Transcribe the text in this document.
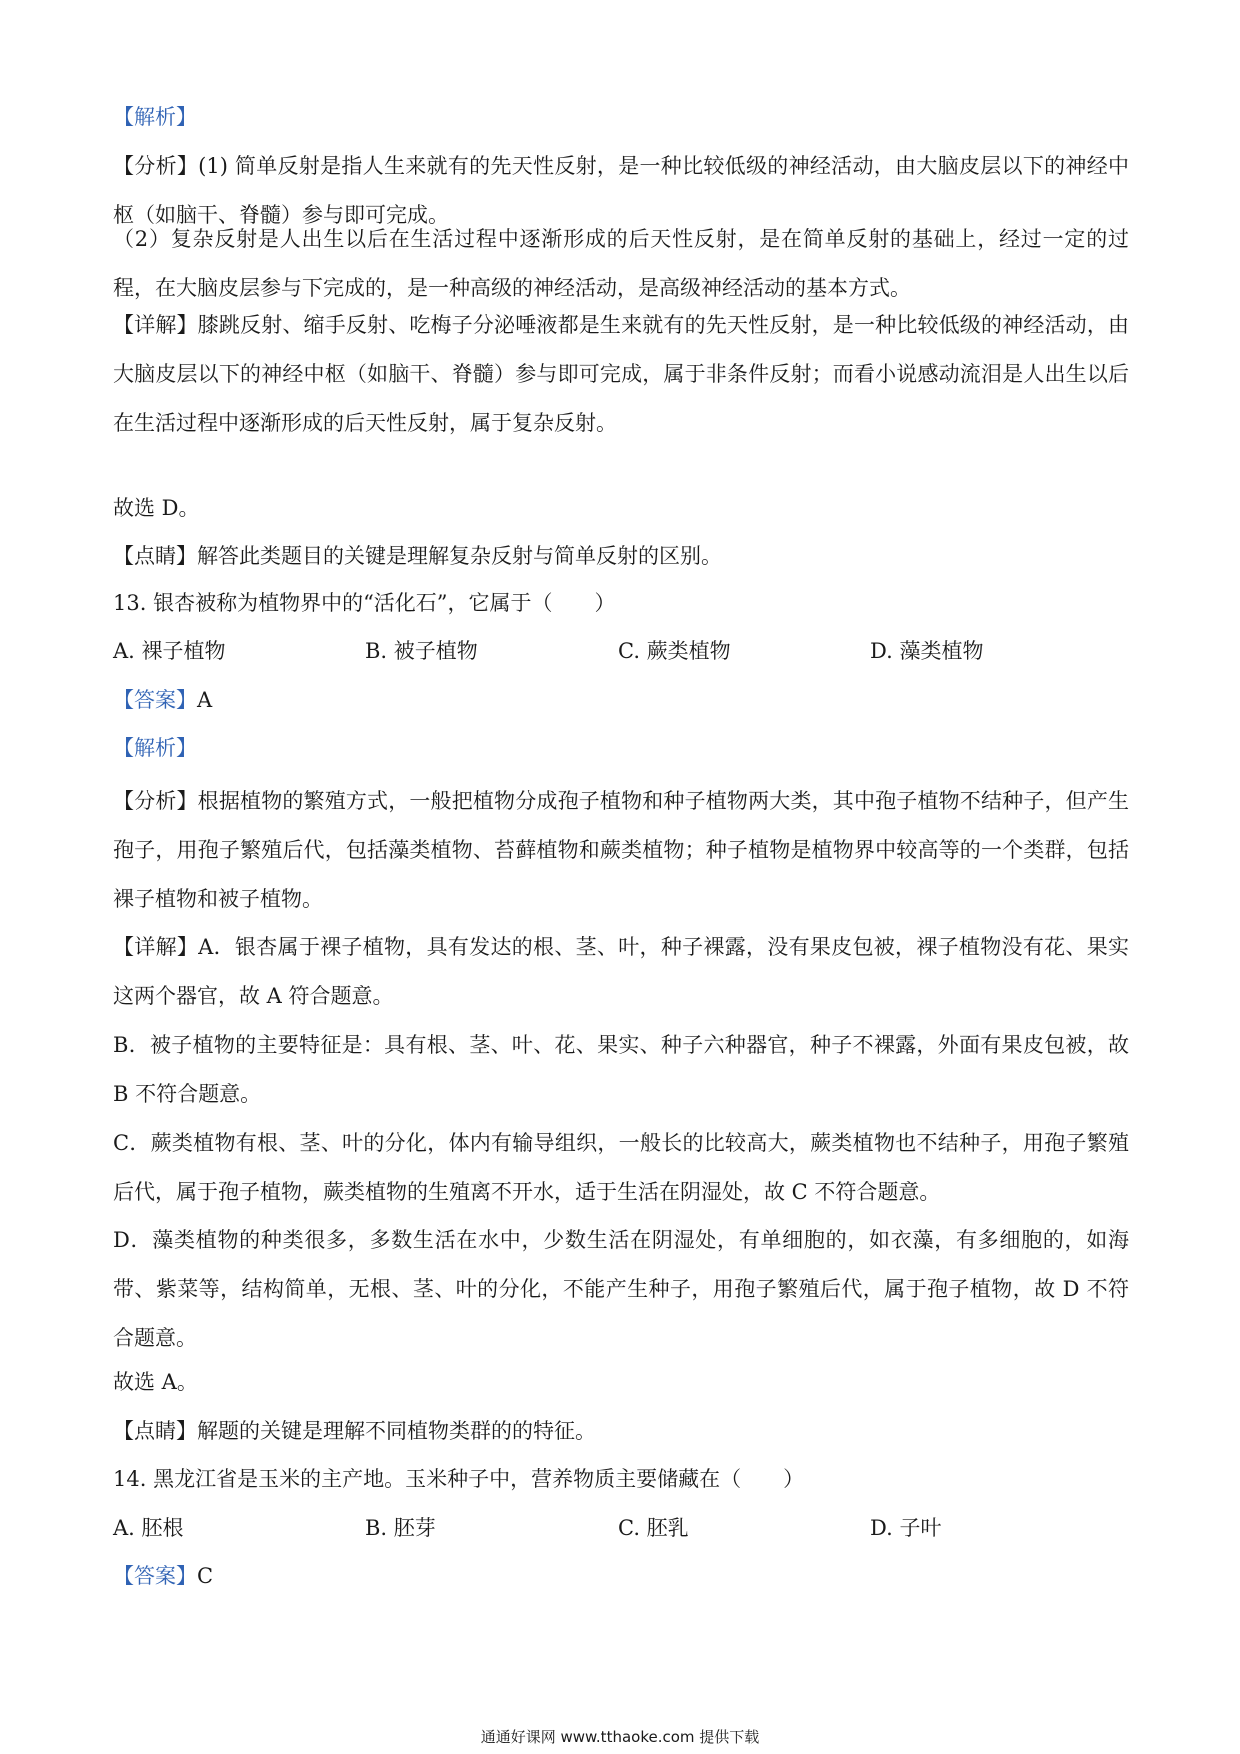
【解析】
【分析】(1) 简单反射是指人生来就有的先天性反射，是一种比较低级的神经活动，由大脑皮层以下的神经中枢（如脑干、脊髓）参与即可完成。
（2）复杂反射是人出生以后在生活过程中逐渐形成的后天性反射，是在简单反射的基础上，经过一定的过程，在大脑皮层参与下完成的，是一种高级的神经活动，是高级神经活动的基本方式。
【详解】膝跳反射、缩手反射、吃梅子分泌唾液都是生来就有的先天性反射，是一种比较低级的神经活动，由大脑皮层以下的神经中枢（如脑干、脊髓）参与即可完成，属于非条件反射；而看小说感动流泪是人出生以后在生活过程中逐渐形成的后天性反射，属于复杂反射。
故选 D。
【点睛】解答此类题目的关键是理解复杂反射与简单反射的区别。
13. 银杏被称为植物界中的“活化石”，它属于（　　）
A. 裸子植物	B. 被子植物	C. 蕨类植物	D. 藻类植物
【答案】A
【解析】
【分析】根据植物的繁殖方式，一般把植物分成孢子植物和种子植物两大类，其中孢子植物不结种子，但产生孢子，用孢子繁殖后代，包括藻类植物、苔藓植物和蕨类植物；种子植物是植物界中较高等的一个类群，包括裸子植物和被子植物。
【详解】A．银杏属于裸子植物，具有发达的根、茎、叶，种子裸露，没有果皮包被，裸子植物没有花、果实这两个器官，故 A 符合题意。
B．被子植物的主要特征是：具有根、茎、叶、花、果实、种子六种器官，种子不裸露，外面有果皮包被，故 B 不符合题意。
C．蕨类植物有根、茎、叶的分化，体内有输导组织，一般长的比较高大，蕨类植物也不结种子，用孢子繁殖后代，属于孢子植物，蕨类植物的生殖离不开水，适于生活在阴湿处，故 C 不符合题意。
D．藻类植物的种类很多，多数生活在水中，少数生活在阴湿处，有单细胞的，如衣藻，有多细胞的，如海带、紫菜等，结构简单，无根、茎、叶的分化，不能产生种子，用孢子繁殖后代，属于孢子植物，故 D 不符合题意。
故选 A。
【点睛】解题的关键是理解不同植物类群的的特征。
14. 黑龙江省是玉米的主产地。玉米种子中，营养物质主要储藏在（　　）
A. 胚根	B. 胚芽	C. 胚乳	D. 子叶
【答案】C
通通好课网 www.tthaoke.com 提供下载
